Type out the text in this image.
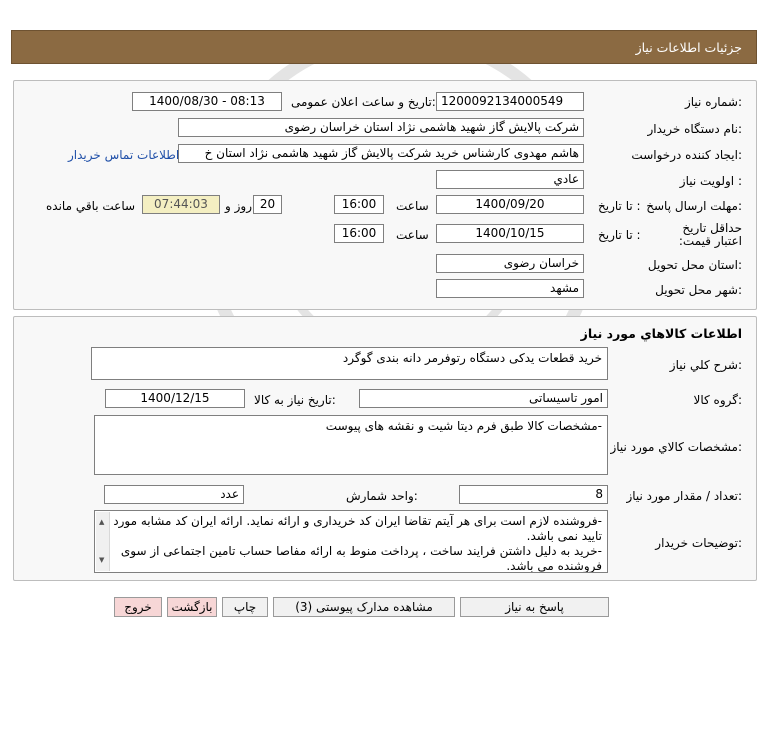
جزئیات اطلاعات نیاز
شماره نیاز:
1200092134000549
تاریخ و ساعت اعلان عمومی:
1400/08/30 - 08:13
نام دستگاه خریدار:
شرکت پالایش گاز شهید هاشمی نژاد استان خراسان رضوی
ایجاد کننده درخواست:
هاشم مهدوی کارشناس خرید شرکت پالایش گاز شهید هاشمی نژاد استان خ
اطلاعات تماس خریدار
اولویت نیاز :
عادي
مهلت ارسال پاسخ:
تا تاریخ :
1400/09/20
ساعت
16:00
20
روز و
07:44:03
ساعت باقي مانده
حداقل تاریخ اعتبار قیمت:
تا تاریخ :
1400/10/15
ساعت
16:00
استان محل تحویل:
خراسان رضوی
شهر محل تحویل:
مشهد
اطلاعات کالاهاي مورد نياز
شرح کلي نياز:
خرید قطعات یدکی دستگاه رتوفرمر دانه بندی گوگرد
گروه کالا:
امور تاسیساتی
تاریخ نیاز به کالا:
1400/12/15
مشخصات کالاي مورد نياز:
-مشخصات کالا طبق فرم دیتا شیت و نقشه های پیوست
تعداد / مقدار مورد نیاز:
8
واحد شمارش:
عدد
توضیحات خریدار:
-فروشنده لازم است برای هر آیتم تقاضا ایران کد خریداری و ارائه نماید. ارائه ایران کد مشابه مورد تایید نمی باشد.
-خرید به دلیل داشتن فرایند ساخت ، پرداخت منوط به ارائه مفاصا حساب تامین اجتماعی از سوی فروشنده می باشد.
▲
▼
پاسخ به نیاز
مشاهده مدارک پیوستی (3)
چاپ
بازگشت
خروج
